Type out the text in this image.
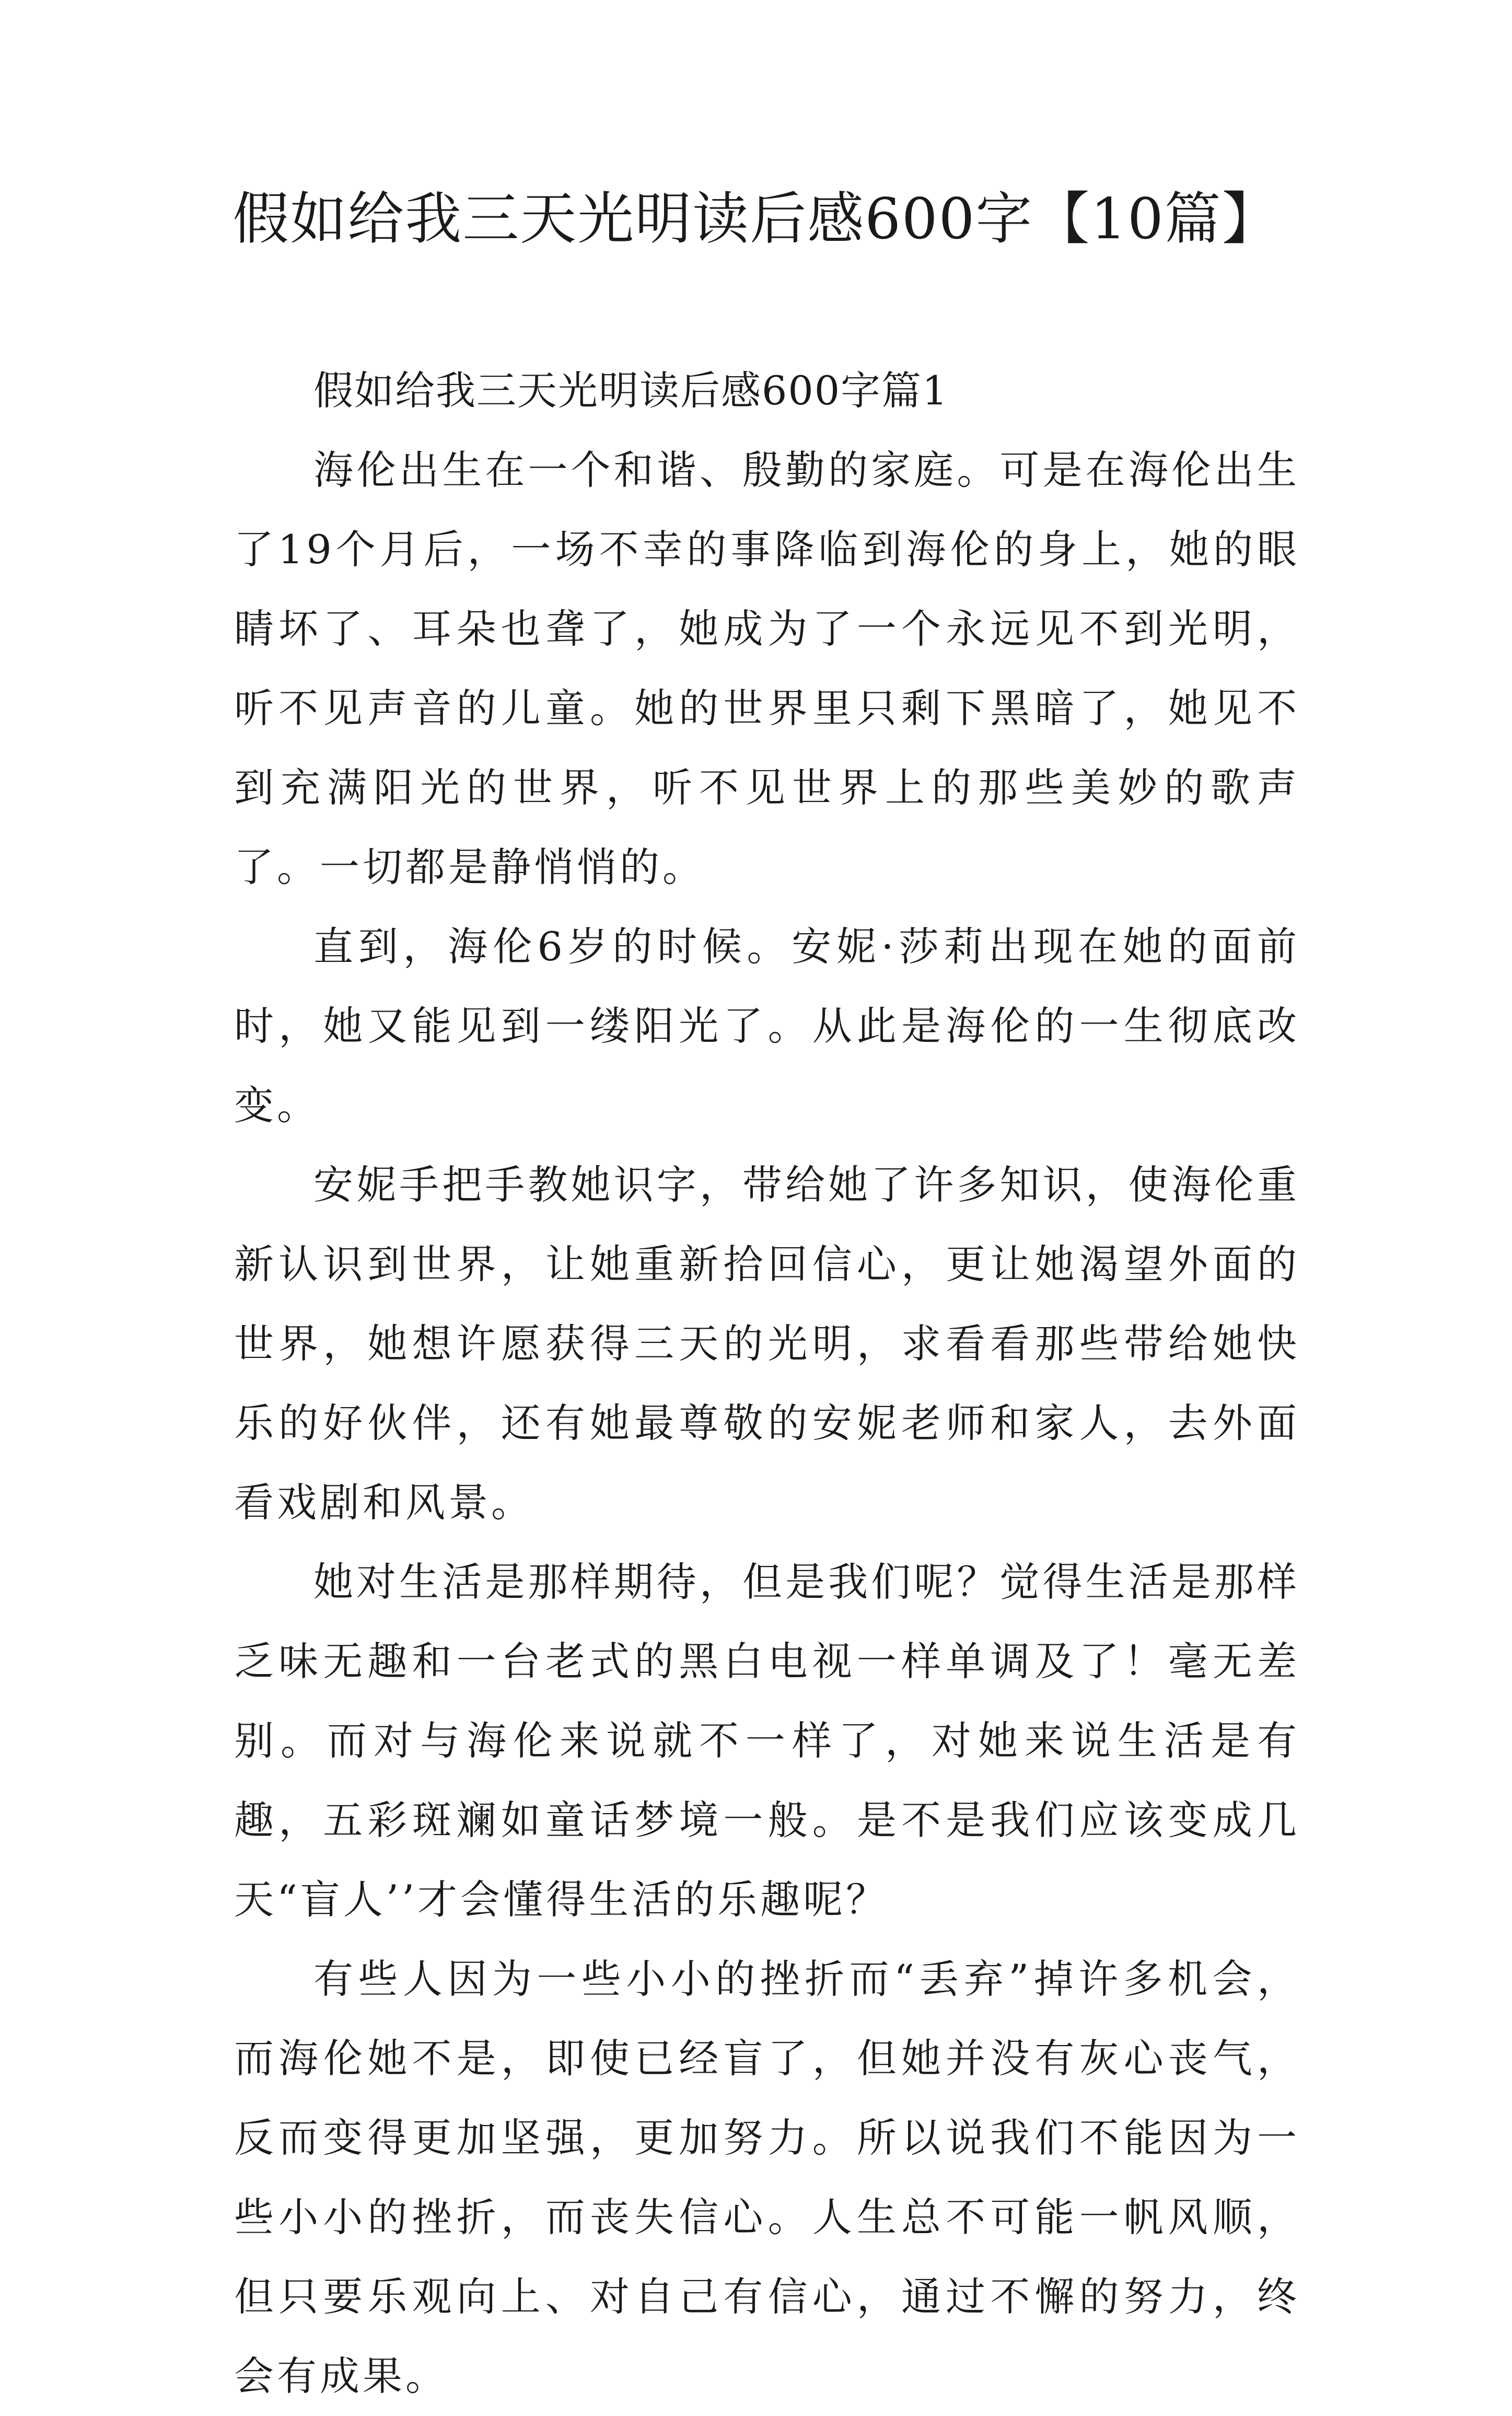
假如给我三天光明读后感600字【10篇】
假如给我三天光明读后感600字篇1

海伦出生在一个和谐、殷勤的家庭。可是在海伦出生了19个月后，一场不幸的事降临到海伦的身上，她的眼睛坏了、耳朵也聋了，她成为了一个永远见不到光明，听不见声音的儿童。她的世界里只剩下黑暗了，她见不到充满阳光的世界，听不见世界上的那些美妙的歌声了。一切都是静悄悄的。

直到，海伦6岁的时候。安妮·莎莉出现在她的面前时，她又能见到一缕阳光了。从此是海伦的一生彻底改变。

安妮手把手教她识字，带给她了许多知识，使海伦重新认识到世界，让她重新拾回信心，更让她渴望外面的世界，她想许愿获得三天的光明，求看看那些带给她快乐的好伙伴，还有她最尊敬的安妮老师和家人，去外面看戏剧和风景。

她对生活是那样期待，但是我们呢？觉得生活是那样乏味无趣和一台老式的黑白电视一样单调及了！毫无差别。而对与海伦来说就不一样了，对她来说生活是有趣，五彩斑斓如童话梦境一般。是不是我们应该变成几天“盲人’’才会懂得生活的乐趣呢？

有些人因为一些小小的挫折而“丢弃”掉许多机会，而海伦她不是，即使已经盲了，但她并没有灰心丧气，反而变得更加坚强，更加努力。所以说我们不能因为一些小小的挫折，而丧失信心。人生总不可能一帆风顺，但只要乐观向上、对自己有信心，通过不懈的努力，终会有成果。
